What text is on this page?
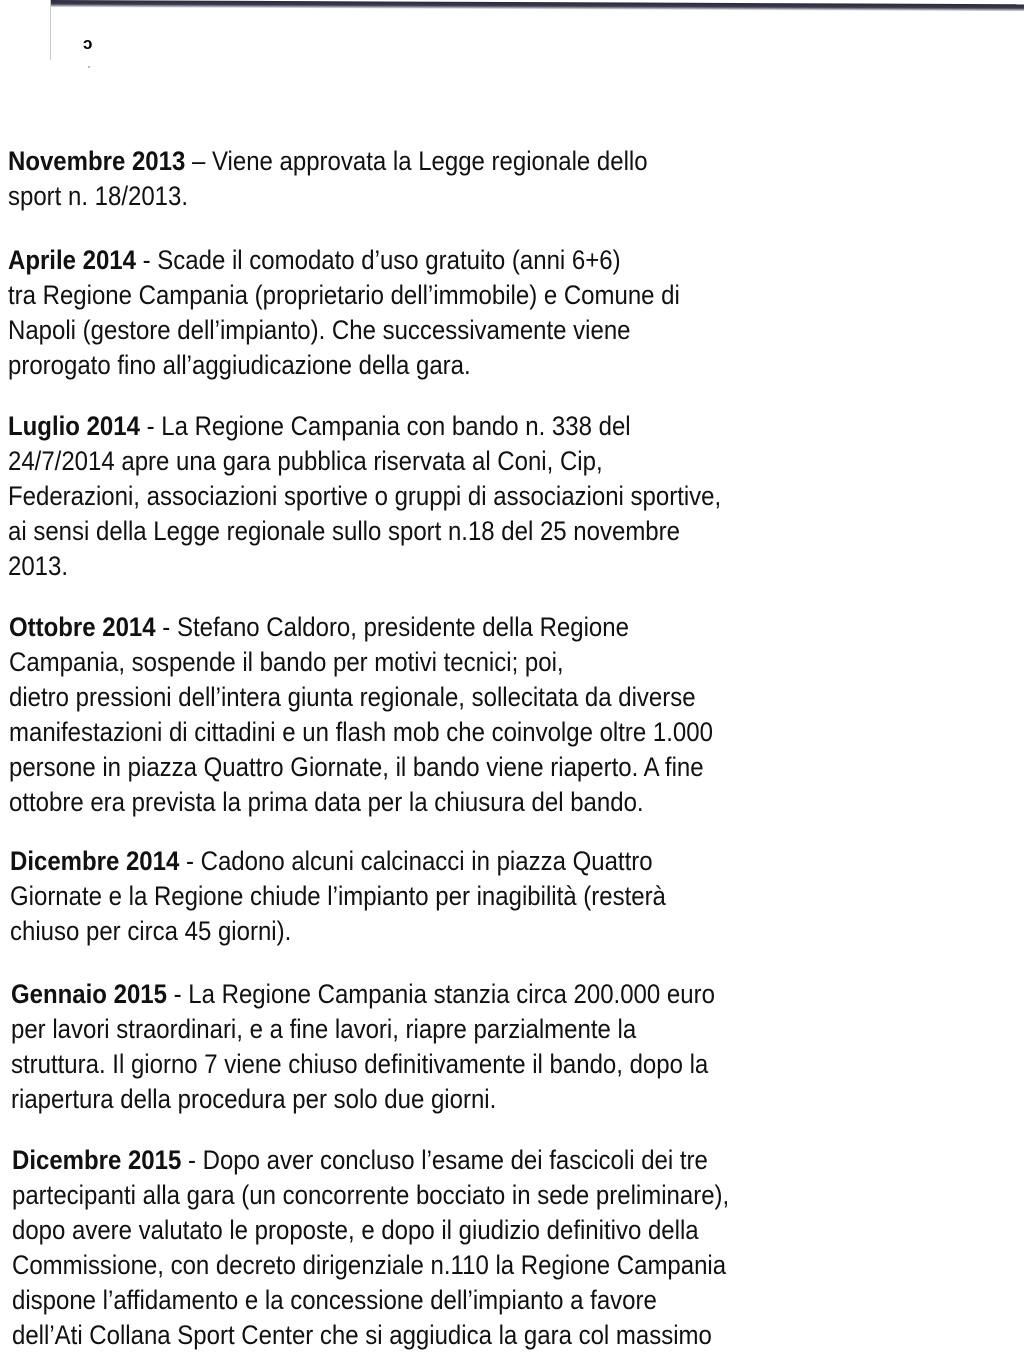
ɔ
Novembre 2013 – Viene approvata la Legge regionale dello
sport n. 18/2013.
Aprile 2014 - Scade il comodato d’uso gratuito (anni 6+6)
tra Regione Campania (proprietario dell’immobile) e Comune di
Napoli (gestore dell’impianto). Che successivamente viene
prorogato fino all’aggiudicazione della gara.
Luglio 2014 - La Regione Campania con bando n. 338 del
24/7/2014 apre una gara pubblica riservata al Coni, Cip,
Federazioni, associazioni sportive o gruppi di associazioni sportive,
ai sensi della Legge regionale sullo sport n.18 del 25 novembre
2013.
Ottobre 2014 - Stefano Caldoro, presidente della Regione
Campania, sospende il bando per motivi tecnici; poi,
dietro pressioni dell’intera giunta regionale, sollecitata da diverse
manifestazioni di cittadini e un flash mob che coinvolge oltre 1.000
persone in piazza Quattro Giornate, il bando viene riaperto. A fine
ottobre era prevista la prima data per la chiusura del bando.
Dicembre 2014 - Cadono alcuni calcinacci in piazza Quattro
Giornate e la Regione chiude l’impianto per inagibilità (resterà
chiuso per circa 45 giorni).
Gennaio 2015 - La Regione Campania stanzia circa 200.000 euro
per lavori straordinari, e a fine lavori, riapre parzialmente la
struttura. Il giorno 7 viene chiuso definitivamente il bando, dopo la
riapertura della procedura per solo due giorni.
Dicembre 2015 - Dopo aver concluso l’esame dei fascicoli dei tre
partecipanti alla gara (un concorrente bocciato in sede preliminare),
dopo avere valutato le proposte, e dopo il giudizio definitivo della
Commissione, con decreto dirigenziale n.110 la Regione Campania
dispone l’affidamento e la concessione dell’impianto a favore
dell’Ati Collana Sport Center che si aggiudica la gara col massimo
